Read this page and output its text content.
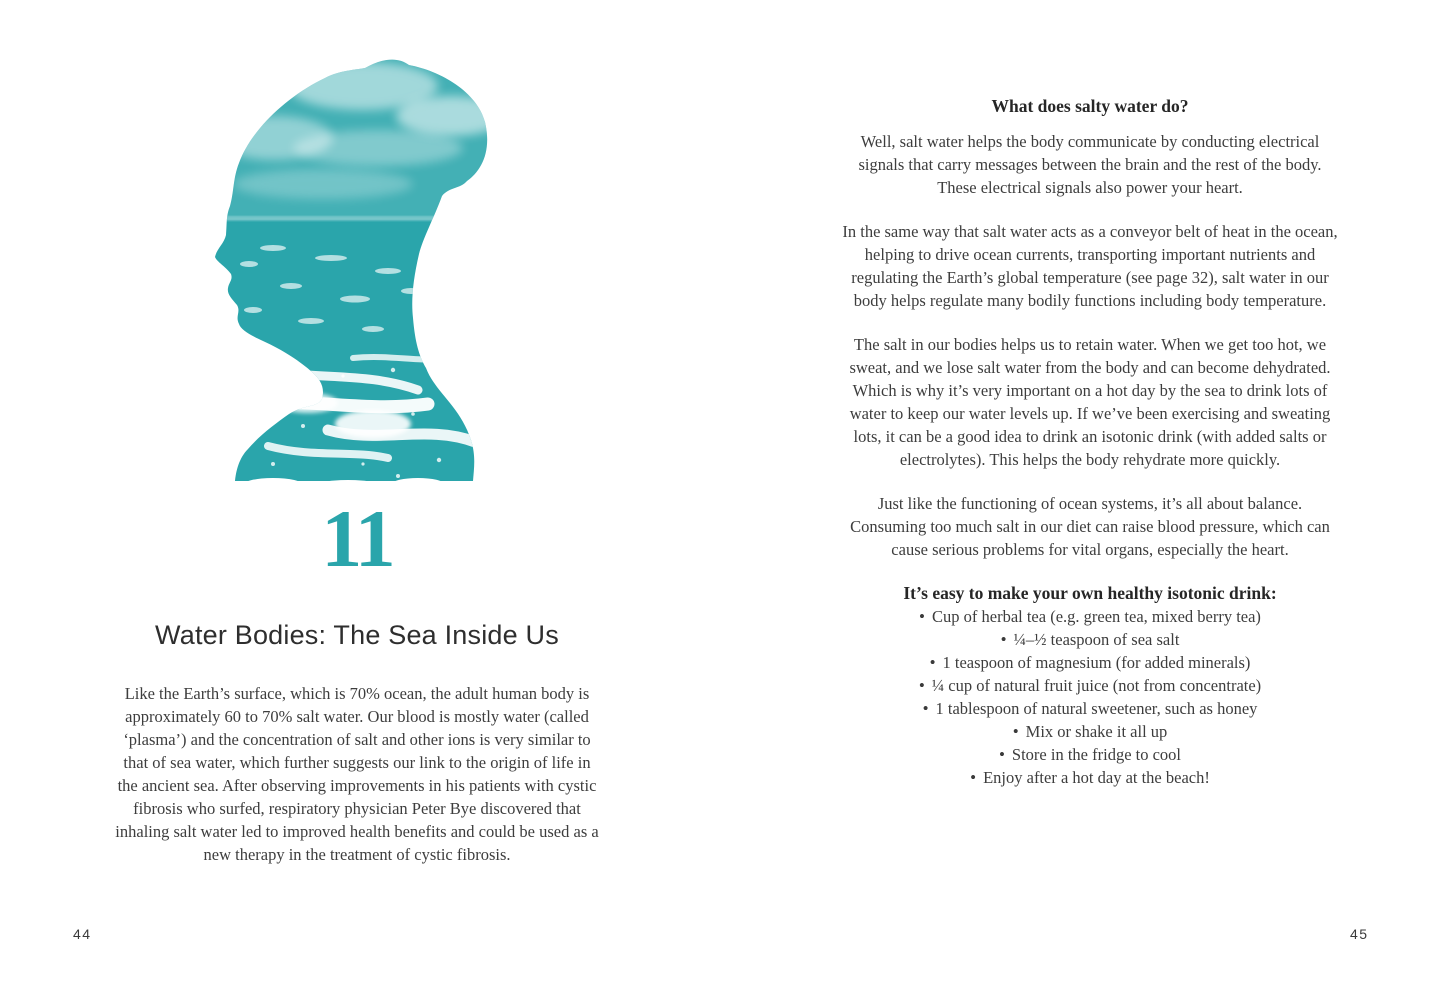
11
Water Bodies: The Sea Inside Us

Like the Earth’s surface, which is 70% ocean, the adult human body is approximately 60 to 70% salt water. Our blood is mostly water (called ‘plasma’) and the concentration of salt and other ions is very similar to that of sea water, which further suggests our link to the origin of life in the ancient sea. After observing improvements in his patients with cystic fibrosis who surfed, respiratory physician Peter Bye discovered that inhaling salt water led to improved health benefits and could be used as a new therapy in the treatment of cystic fibrosis.

44
What does salty water do?

Well, salt water helps the body communicate by conducting electrical signals that carry messages between the brain and the rest of the body. These electrical signals also power your heart.

In the same way that salt water acts as a conveyor belt of heat in the ocean, helping to drive ocean currents, transporting important nutrients and regulating the Earth’s global temperature (see page 32), salt water in our body helps regulate many bodily functions including body temperature.

The salt in our bodies helps us to retain water. When we get too hot, we sweat, and we lose salt water from the body and can become dehydrated. Which is why it’s very important on a hot day by the sea to drink lots of water to keep our water levels up. If we’ve been exercising and sweating lots, it can be a good idea to drink an isotonic drink (with added salts or electrolytes). This helps the body rehydrate more quickly.

Just like the functioning of ocean systems, it’s all about balance. Consuming too much salt in our diet can raise blood pressure, which can cause serious problems for vital organs, especially the heart.

It’s easy to make your own healthy isotonic drink:
•Cup of herbal tea (e.g. green tea, mixed berry tea)
•¼–½ teaspoon of sea salt
•1 teaspoon of magnesium (for added minerals)
•¼ cup of natural fruit juice (not from concentrate)
•1 tablespoon of natural sweetener, such as honey
•Mix or shake it all up
•Store in the fridge to cool
•Enjoy after a hot day at the beach!
45
